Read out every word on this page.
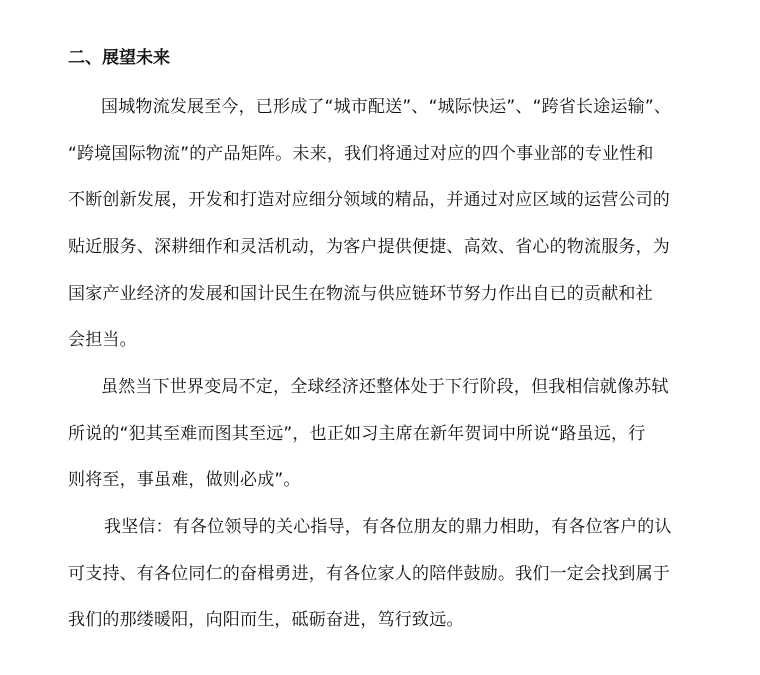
二、展望未来
国城物流发展至今，已形成了“城市配送”、“城际快运”、“跨省长途运输”、
“跨境国际物流”的产品矩阵。未来，我们将通过对应的四个事业部的专业性和
不断创新发展，开发和打造对应细分领域的精品，并通过对应区域的运营公司的
贴近服务、深耕细作和灵活机动，为客户提供便捷、高效、省心的物流服务，为
国家产业经济的发展和国计民生在物流与供应链环节努力作出自已的贡献和社
会担当。
虽然当下世界变局不定，全球经济还整体处于下行阶段，但我相信就像苏轼
所说的“犯其至难而图其至远”，也正如习主席在新年贺词中所说“路虽远，行
则将至，事虽难，做则必成”。
我坚信：有各位领导的关心指导，有各位朋友的鼎力相助，有各位客户的认
可支持、有各位同仁的奋楫勇进，有各位家人的陪伴鼓励。我们一定会找到属于
我们的那缕暖阳，向阳而生，砥砺奋进，笃行致远。
